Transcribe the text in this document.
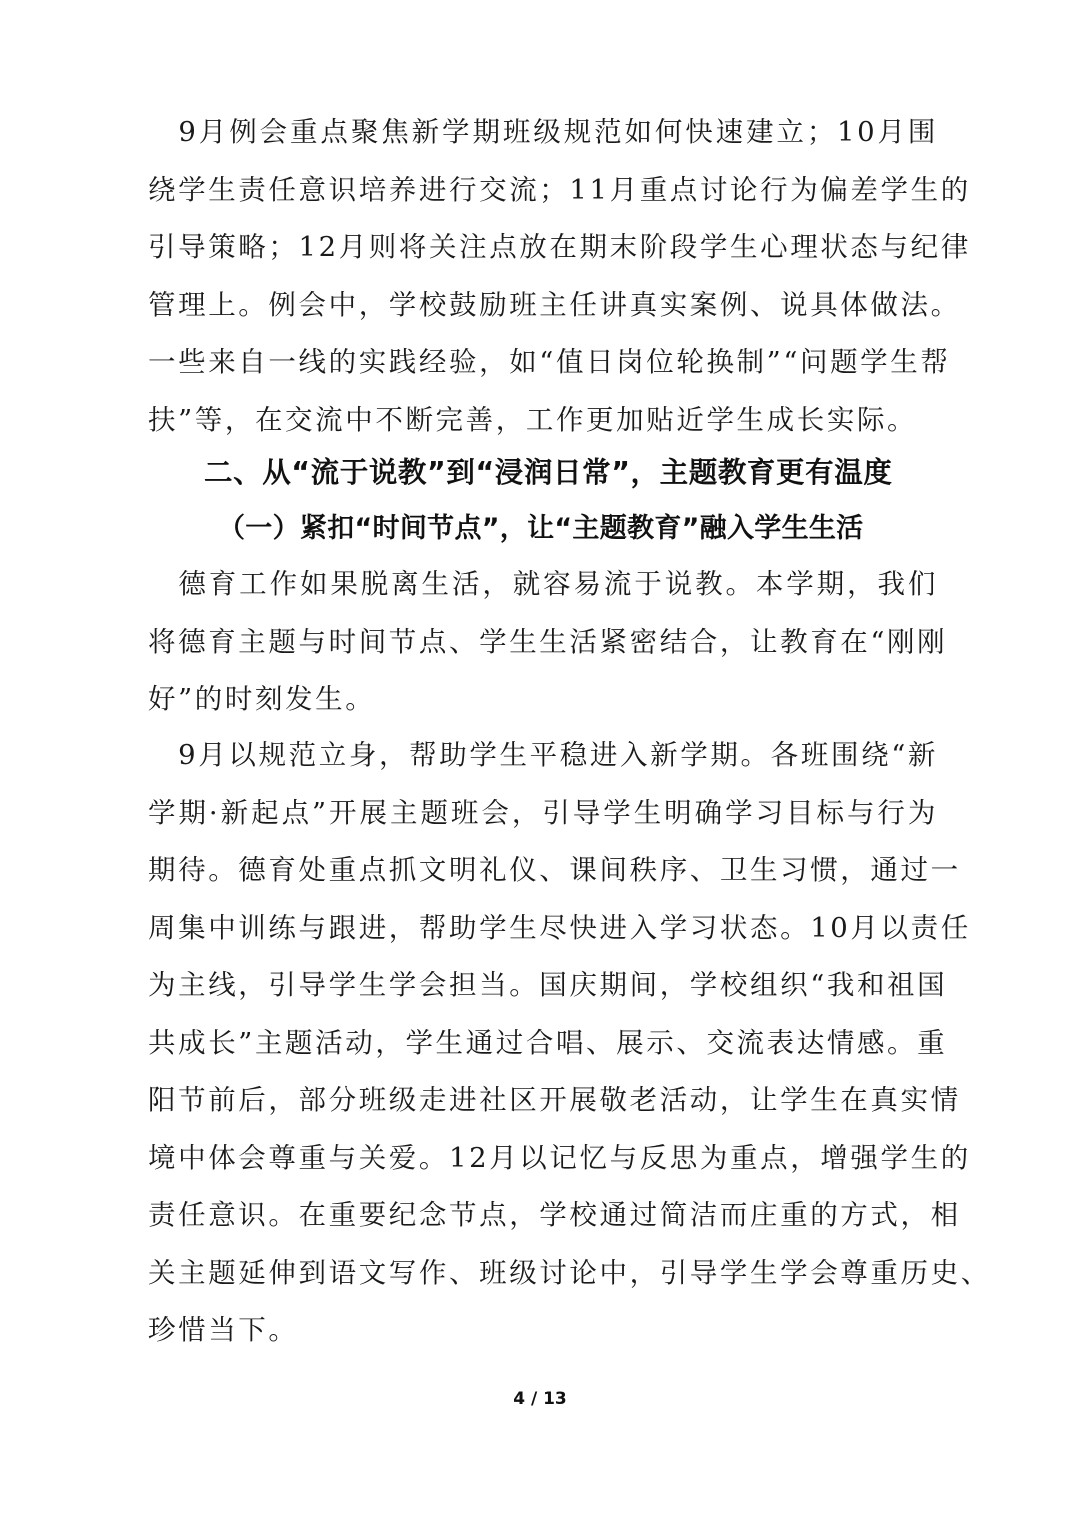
　9月例会重点聚焦新学期班级规范如何快速建立；10月围
绕学生责任意识培养进行交流；11月重点讨论行为偏差学生的
引导策略；12月则将关注点放在期末阶段学生心理状态与纪律
管理上。例会中，学校鼓励班主任讲真实案例、说具体做法。
一些来自一线的实践经验，如“值日岗位轮换制”“问题学生帮
扶”等，在交流中不断完善，工作更加贴近学生成长实际。
二、从“流于说教”到“浸润日常”，主题教育更有温度
（一）紧扣“时间节点”，让“主题教育”融入学生生活
　德育工作如果脱离生活，就容易流于说教。本学期，我们
将德育主题与时间节点、学生生活紧密结合，让教育在“刚刚
好”的时刻发生。
　9月以规范立身，帮助学生平稳进入新学期。各班围绕“新
学期·新起点”开展主题班会，引导学生明确学习目标与行为
期待。德育处重点抓文明礼仪、课间秩序、卫生习惯，通过一
周集中训练与跟进，帮助学生尽快进入学习状态。10月以责任
为主线，引导学生学会担当。国庆期间，学校组织“我和祖国
共成长”主题活动，学生通过合唱、展示、交流表达情感。重
阳节前后，部分班级走进社区开展敬老活动，让学生在真实情
境中体会尊重与关爱。12月以记忆与反思为重点，增强学生的
责任意识。在重要纪念节点，学校通过简洁而庄重的方式，相
关主题延伸到语文写作、班级讨论中，引导学生学会尊重历史、
珍惜当下。
4 / 13
